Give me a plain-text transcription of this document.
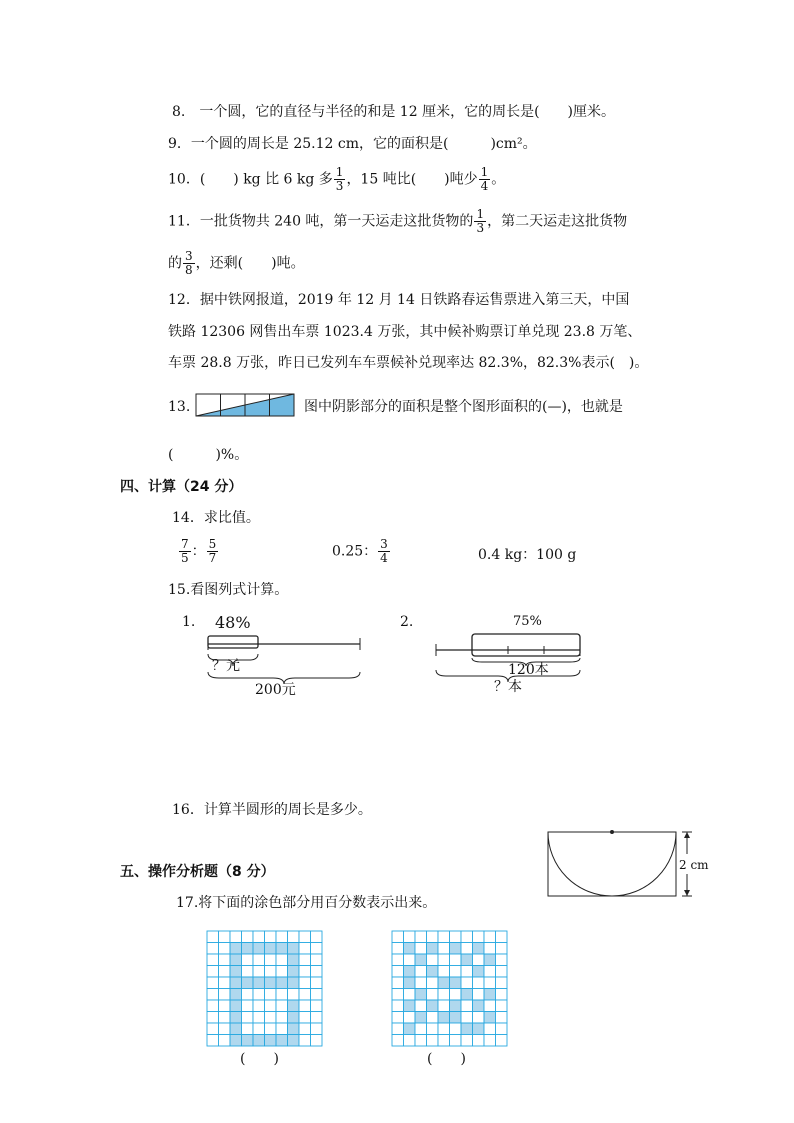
8.　一个圆，它的直径与半径的和是 12 厘米，它的周长是(　　)厘米。
9．一个圆的周长是 25.12 cm，它的面积是(　　　)cm²。
10．(　　) kg 比 6 kg 多 $\frac{1}{3}$ ，15 吨比(　　)吨少 $\frac{1}{4}$ 。
11．一批货物共 240 吨，第一天运走这批货物的 $\frac{1}{3}$ ，第二天运走这批货物
的 $\frac{3}{8}$ ，还剩(　　)吨。
12．据中铁网报道，2019 年 12 月 14 日铁路春运售票进入第三天，中国
铁路 12306 网售出车票 1023.4 万张，其中候补购票订单兑现 23.8 万笔、
车票 28.8 万张，昨日已发列车车票候补兑现率达 82.3%，82.3%表示(　)。
13.	图中阴影部分的面积是整个图形面积的(—)，也就是
(　　　)%。
四、计算（24 分）
14．求比值。
$\frac{7}{5}$ ： $\frac{5}{7}$	0.25： $\frac{3}{4}$	0.4 kg：100 g
15.看图列式计算。
1. 48%
？元
200元
2.	75%
120本
？本
16．计算半圆形的周长是多少。
2 cm
五、操作分析题（8 分）
17.将下面的涂色部分用百分数表示出来。
(　　)	(　　)
